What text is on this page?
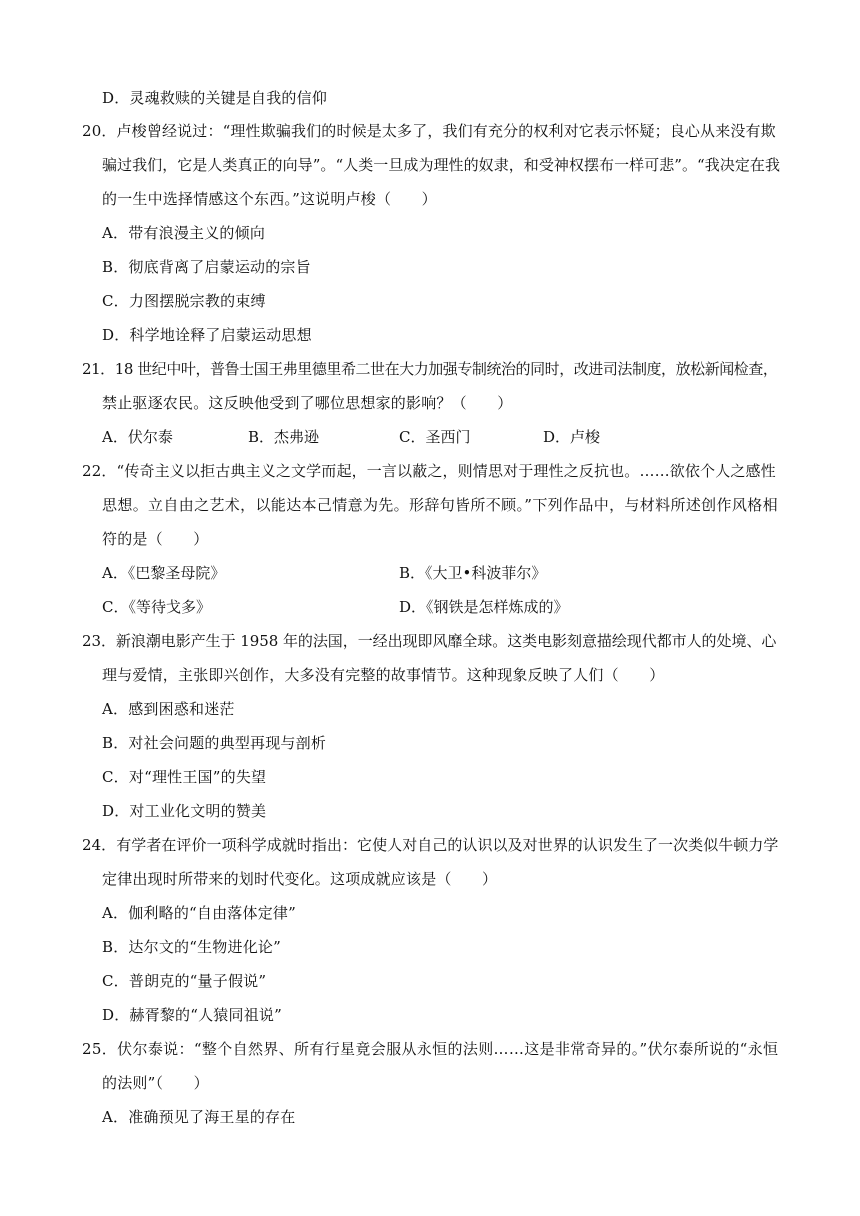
D．灵魂救赎的关键是自我的信仰
20．卢梭曾经说过：“理性欺骗我们的时候是太多了，我们有充分的权利对它表示怀疑；良心从来没有欺
骗过我们，它是人类真正的向导”。“人类一旦成为理性的奴隶，和受神权摆布一样可悲”。“我决定在我
的一生中选择情感这个东西。”这说明卢梭（　　）
A．带有浪漫主义的倾向
B．彻底背离了启蒙运动的宗旨
C．力图摆脱宗教的束缚
D．科学地诠释了启蒙运动思想
21．18 世纪中叶，普鲁士国王弗里德里希二世在大力加强专制统治的同时，改进司法制度，放松新闻检查，
禁止驱逐农民。这反映他受到了哪位思想家的影响？（　　）
A．伏尔泰	B．杰弗逊	C．圣西门	D．卢梭
22．“传奇主义以拒古典主义之文学而起，一言以蔽之，则情思对于理性之反抗也。……欲依个人之感性
思想。立自由之艺术，以能达本己情意为先。形辞句皆所不顾。”下列作品中，与材料所述创作风格相
符的是（　　）
A．《巴黎圣母院》	B．《大卫•科波菲尔》
C．《等待戈多》	D．《钢铁是怎样炼成的》
23．新浪潮电影产生于 1958 年的法国，一经出现即风靡全球。这类电影刻意描绘现代都市人的处境、心
理与爱情，主张即兴创作，大多没有完整的故事情节。这种现象反映了人们（　　）
A．感到困惑和迷茫
B．对社会问题的典型再现与剖析
C．对“理性王国”的失望
D．对工业化文明的赞美
24．有学者在评价一项科学成就时指出：它使人对自己的认识以及对世界的认识发生了一次类似牛顿力学
定律出现时所带来的划时代变化。这项成就应该是（　　）
A．伽利略的“自由落体定律”
B．达尔文的“生物进化论”
C．普朗克的“量子假说”
D．赫胥黎的“人猿同祖说”
25．伏尔泰说：“整个自然界、所有行星竟会服从永恒的法则……这是非常奇异的。”伏尔泰所说的“永恒
的法则”（　　）
A．准确预见了海王星的存在
